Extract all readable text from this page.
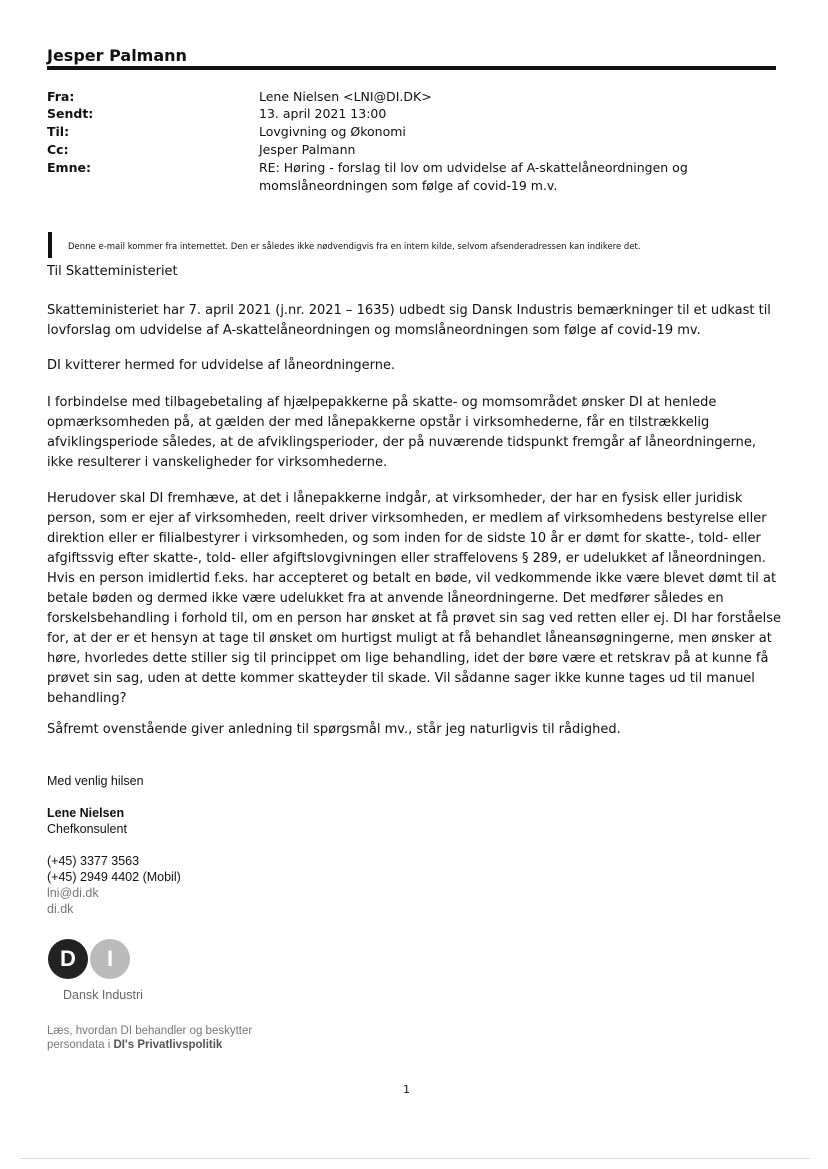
Jesper Palmann
Fra:	Lene Nielsen <LNI@DI.DK>
Sendt:	13. april 2021 13:00
Til:	Lovgivning og Økonomi
Cc:	Jesper Palmann
Emne:	RE: Høring - forslag til lov om udvidelse af A-skattelåneordningen og
momslåneordningen som følge af covid-19 m.v.
Denne e-mail kommer fra internettet. Den er således ikke nødvendigvis fra en intern kilde, selvom afsenderadressen kan indikere det.
Til Skatteministeriet
Skatteministeriet har 7. april 2021 (j.nr. 2021 – 1635) udbedt sig Dansk Industris bemærkninger til et udkast til lovforslag om udvidelse af A-skattelåneordningen og momslåneordningen som følge af covid-19 mv.
DI kvitterer hermed for udvidelse af låneordningerne.
I forbindelse med tilbagebetaling af hjælpepakkerne på skatte- og momsområdet ønsker DI at henlede opmærksomheden på, at gælden der med lånepakkerne opstår i virksomhederne, får en tilstrækkelig afviklingsperiode således, at de afviklingsperioder, der på nuværende tidspunkt fremgår af låneordningerne, ikke resulterer i vanskeligheder for virksomhederne.
Herudover skal DI fremhæve, at det i lånepakkerne indgår, at virksomheder, der har en fysisk eller juridisk person, som er ejer af virksomheden, reelt driver virksomheden, er medlem af virksomhedens bestyrelse eller direktion eller er filialbestyrer i virksomheden, og som inden for de sidste 10 år er dømt for skatte-, told- eller afgiftssvig efter skatte-, told- eller afgiftslovgivningen eller straffelovens § 289, er udelukket af låneordningen. Hvis en person imidlertid f.eks. har accepteret og betalt en bøde, vil vedkommende ikke være blevet dømt til at betale bøden og dermed ikke være udelukket fra at anvende låneordningerne. Det medfører således en forskelsbehandling i forhold til, om en person har ønsket at få prøvet sin sag ved retten eller ej. DI har forståelse for, at der er et hensyn at tage til ønsket om hurtigst muligt at få behandlet låneansøgningerne, men ønsker at høre, hvorledes dette stiller sig til princippet om lige behandling, idet der børe være et retskrav på at kunne få prøvet sin sag, uden at dette kommer skatteyder til skade. Vil sådanne sager ikke kunne tages ud til manuel behandling?
Såfremt ovenstående giver anledning til spørgsmål mv., står jeg naturligvis til rådighed.
Med venlig hilsen
Lene Nielsen
Chefkonsulent
(+45) 3377 3563
(+45) 2949 4402 (Mobil)
lni@di.dk
di.dk
D	I
Dansk Industri
Læs, hvordan DI behandler og beskytter
persondata i DI's Privatlivspolitik
1
